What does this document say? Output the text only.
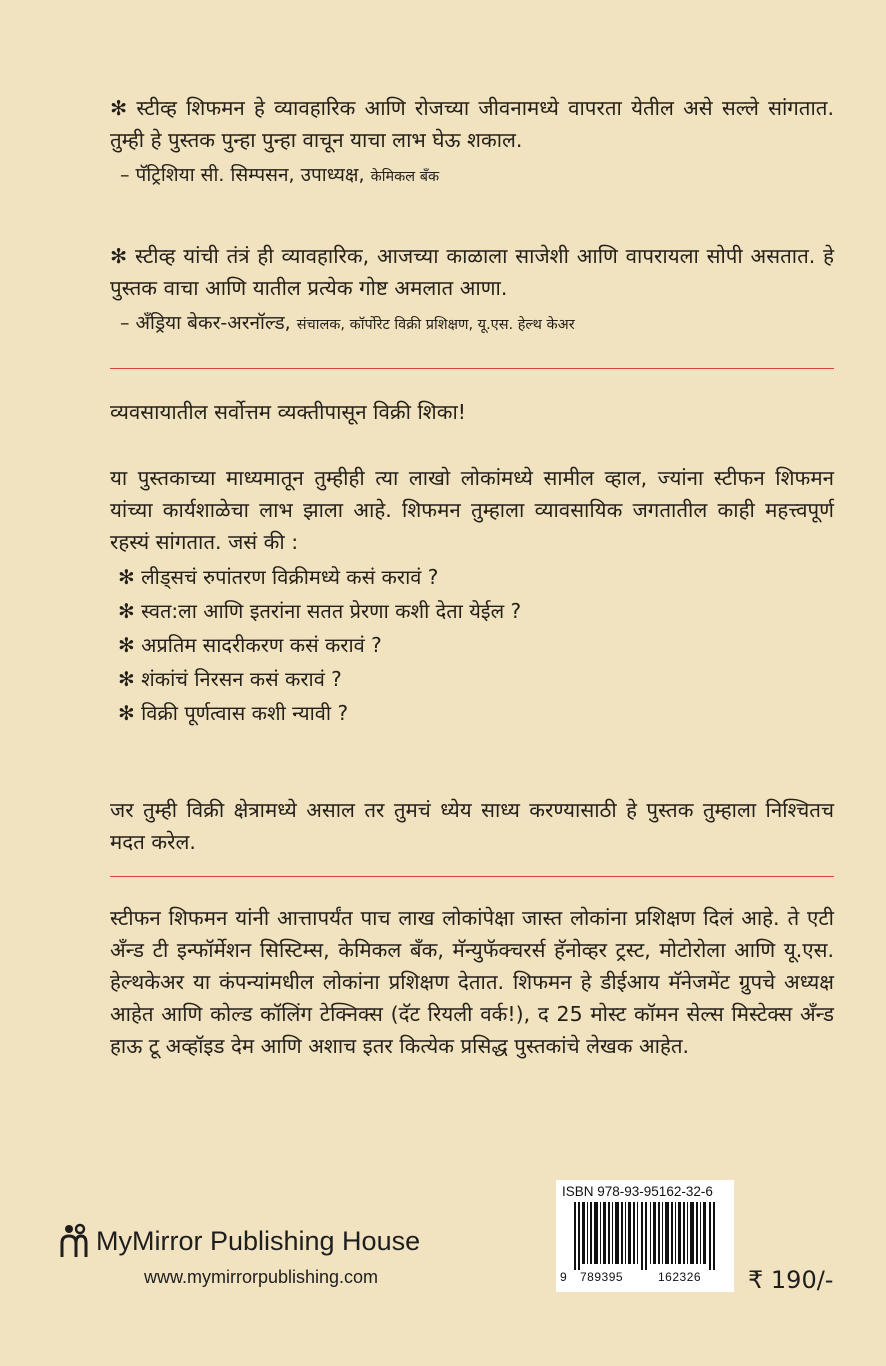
✻ स्टीव्ह शिफमन हे व्यावहारिक आणि रोजच्या जीवनामध्ये वापरता येतील असे सल्ले सांगतात. तुम्ही हे पुस्तक पुन्हा पुन्हा वाचून याचा लाभ घेऊ शकाल.

– पॅट्रिशिया सी. सिम्पसन, उपाध्यक्ष, केमिकल बँक

✻ स्टीव्ह यांची तंत्रं ही व्यावहारिक, आजच्या काळाला साजेशी आणि वापरायला सोपी असतात. हे पुस्तक वाचा आणि यातील प्रत्येक गोष्ट अमलात आणा.

– अँड्रिया बेकर-अरनॉल्ड, संचालक, कॉर्पोरेट विक्री प्रशिक्षण, यू.एस. हेल्थ केअर

व्यवसायातील सर्वोत्तम व्यक्तीपासून विक्री शिका!

या पुस्तकाच्या माध्यमातून तुम्हीही त्या लाखो लोकांमध्ये सामील व्हाल, ज्यांना स्टीफन शिफमन यांच्या कार्यशाळेचा लाभ झाला आहे. शिफमन तुम्हाला व्यावसायिक जगतातील काही महत्त्वपूर्ण रहस्यं सांगतात. जसं की :

✻ लीड्सचं रुपांतरण विक्रीमध्ये कसं करावं ?
✻ स्वत:ला आणि इतरांना सतत प्रेरणा कशी देता येईल ?
✻ अप्रतिम सादरीकरण कसं करावं ?
✻ शंकांचं निरसन कसं करावं ?
✻ विक्री पूर्णत्वास कशी न्यावी ?

जर तुम्ही विक्री क्षेत्रामध्ये असाल तर तुमचं ध्येय साध्य करण्यासाठी हे पुस्तक तुम्हाला निश्चितच मदत करेल.

स्टीफन शिफमन यांनी आत्तापर्यंत पाच लाख लोकांपेक्षा जास्त लोकांना प्रशिक्षण दिलं आहे. ते एटी अँन्ड टी इन्फॉर्मेशन सिस्टिम्स, केमिकल बँक, मॅन्युफॅक्चरर्स हॅनोव्हर ट्रस्ट, मोटोरोला आणि यू.एस. हेल्थकेअर या कंपन्यांमधील लोकांना प्रशिक्षण देतात. शिफमन हे डीईआय मॅनेजमेंट ग्रुपचे अध्यक्ष आहेत आणि कोल्ड कॉलिंग टेक्निक्स (दॅट रियली वर्क!), द 25 मोस्ट कॉमन सेल्स मिस्टेक्स अँन्ड हाऊ टू अव्हॉइड देम आणि अशाच इतर कित्येक प्रसिद्ध पुस्तकांचे लेखक आहेत.

MyMirror Publishing House
www.mymirrorpublishing.com
ISBN 978-93-95162-32-6
9 789395	162326 ₹ 190/-
